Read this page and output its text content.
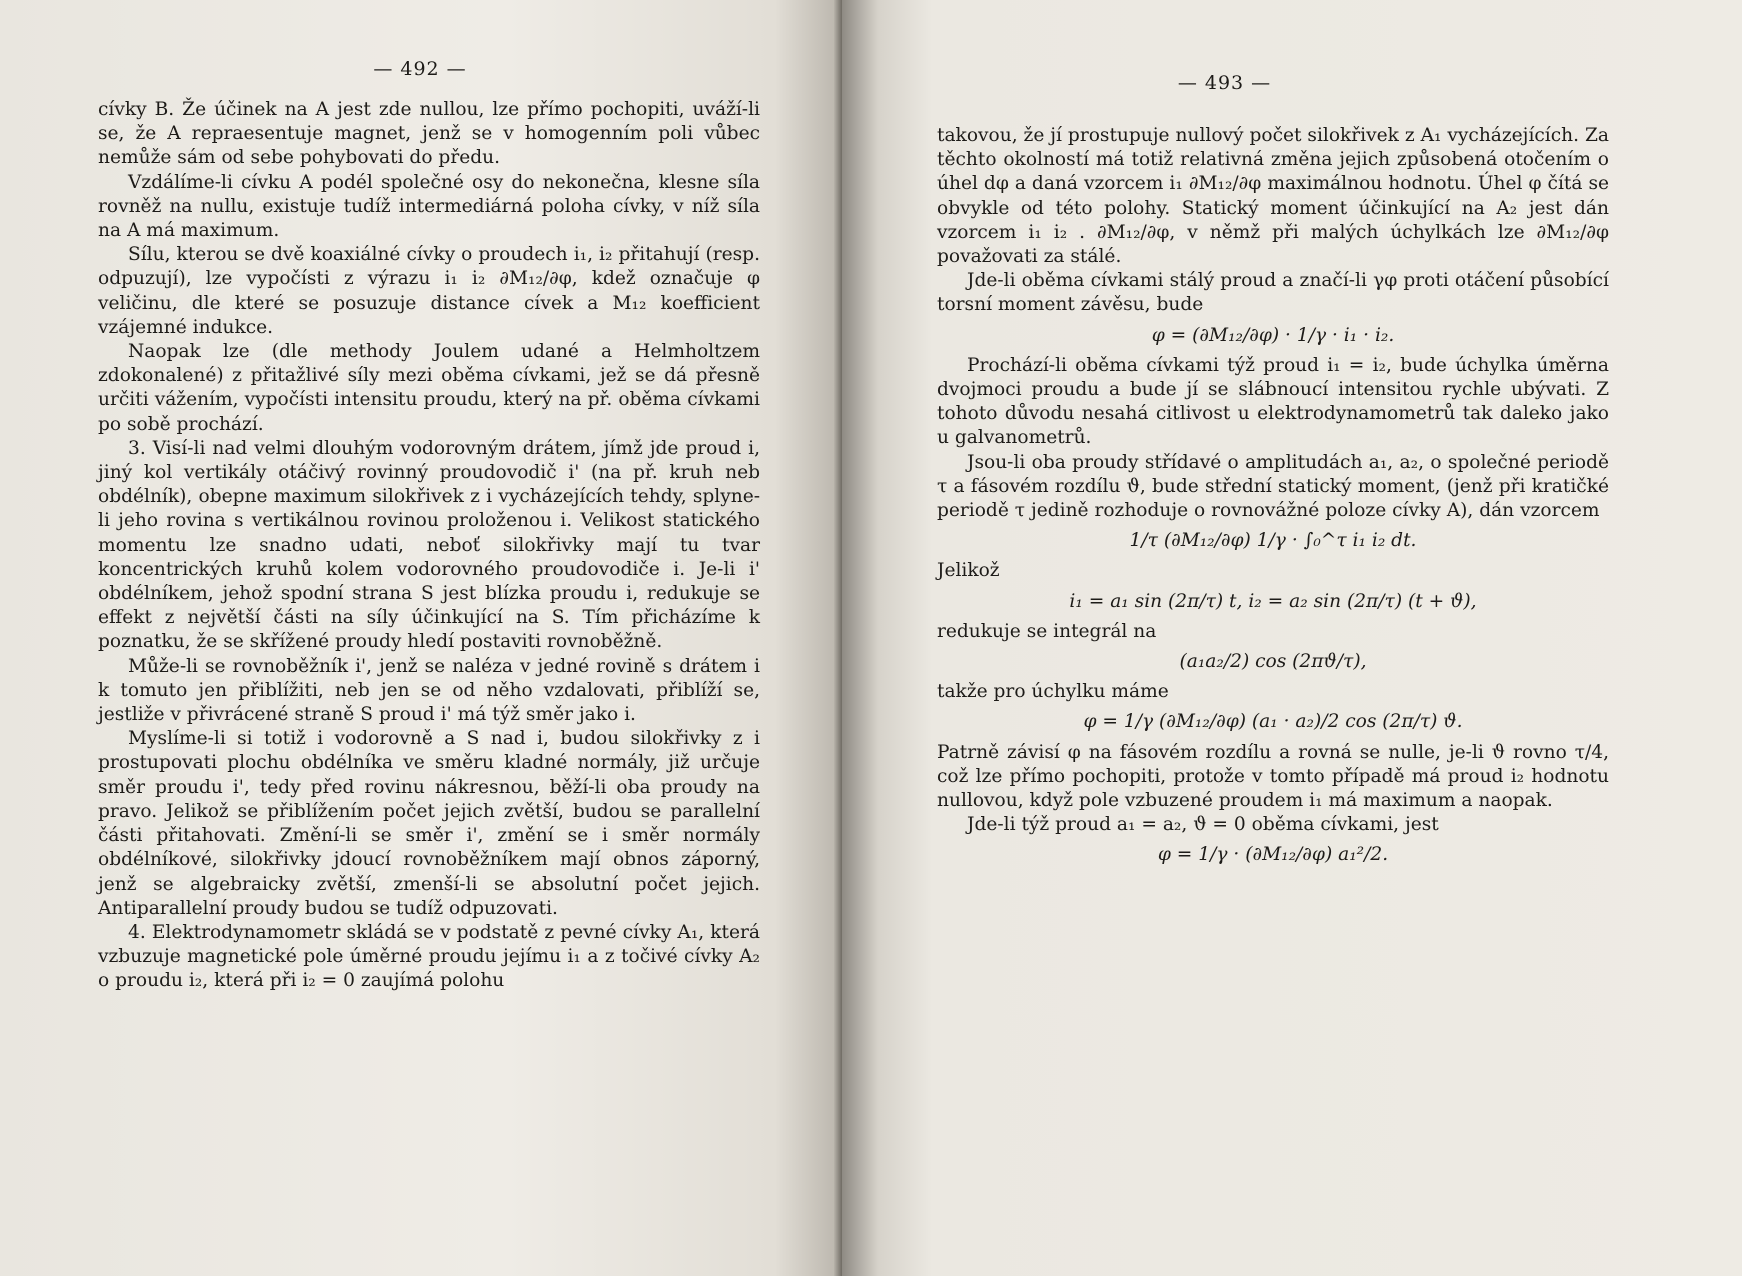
— 492 —

cívky B. Že účinek na A jest zde nullou, lze přímo pochopiti, uváží-li se, že A repraesentuje magnet, jenž se v homogenním poli vůbec nemůže sám od sebe pohybovati do předu.

Vzdálíme-li cívku A podél společné osy do nekonečna, klesne síla rovněž na nullu, existuje tudíž intermediárná poloha cívky, v níž síla na A má maximum.

Sílu, kterou se dvě koaxiálné cívky o proudech i₁, i₂ přitahují (resp. odpuzují), lze vypočísti z výrazu i₁ i₂ ∂M₁₂/∂φ, kdež označuje φ veličinu, dle které se posuzuje distance cívek a M₁₂ koefficient vzájemné indukce.

Naopak lze (dle methody Joulem udané a Helmholtzem zdokonalené) z přitažlivé síly mezi oběma cívkami, jež se dá přesně určiti vážením, vypočísti intensitu proudu, který na př. oběma cívkami po sobě prochází.

3. Visí-li nad velmi dlouhým vodorovným drátem, jímž jde proud i, jiný kol vertikály otáčivý rovinný proudovodič i' (na př. kruh neb obdélník), obepne maximum silokřivek z i vycházejících tehdy, splyne-li jeho rovina s vertikálnou rovinou proloženou i. Velikost statického momentu lze snadno udati, neboť silokřivky mají tu tvar koncentrických kruhů kolem vodorovného proudovodiče i. Je-li i' obdélníkem, jehož spodní strana S jest blízka proudu i, redukuje se effekt z největší části na síly účinkující na S. Tím přicházíme k poznatku, že se skřížené proudy hledí postaviti rovnoběžně.

Může-li se rovnoběžník i', jenž se naléza v jedné rovině s drátem i k tomuto jen přiblížiti, neb jen se od něho vzdalovati, přiblíží se, jestliže v přivrácené straně S proud i' má týž směr jako i.

Myslíme-li si totiž i vodorovně a S nad i, budou silokřivky z i prostupovati plochu obdélníka ve směru kladné normály, již určuje směr proudu i', tedy před rovinu nákresnou, běží-li oba proudy na pravo. Jelikož se přiblížením počet jejich zvětší, budou se parallelní části přitahovati. Změní-li se směr i', změní se i směr normály obdélníkové, silokřivky jdoucí rovnoběžníkem mají obnos záporný, jenž se algebraicky zvětší, zmenší-li se absolutní počet jejich. Antiparallelní proudy budou se tudíž odpuzovati.

4. Elektrodynamometr skládá se v podstatě z pevné cívky A₁, která vzbuzuje magnetické pole úměrné proudu jejímu i₁ a z točivé cívky A₂ o proudu i₂, která při i₂ = 0 zaujímá polohu

— 493 —

takovou, že jí prostupuje nullový počet silokřivek z A₁ vycházejících. Za těchto okolností má totiž relativná změna jejich způsobená otočením o úhel dφ a daná vzorcem i₁ ∂M₁₂/∂φ maximálnou hodnotu. Úhel φ čítá se obvykle od této polohy. Statický moment účinkující na A₂ jest dán vzorcem i₁ i₂ . ∂M₁₂/∂φ, v němž při malých úchylkách lze ∂M₁₂/∂φ považovati za stálé.

Jde-li oběma cívkami stálý proud a značí-li γφ proti otáčení působící torsní moment závěsu, bude

φ = (∂M₁₂/∂φ) · 1/γ · i₁ · i₂.

Prochází-li oběma cívkami týž proud i₁ = i₂, bude úchylka úměrna dvojmoci proudu a bude jí se slábnoucí intensitou rychle ubývati. Z tohoto důvodu nesahá citlivost u elektrodynamometrů tak daleko jako u galvanometrů.

Jsou-li oba proudy střídavé o amplitudách a₁, a₂, o společné periodě τ a fásovém rozdílu ϑ, bude střední statický moment, (jenž při kratičké periodě τ jedině rozhoduje o rovnovážné poloze cívky A), dán vzorcem

1/τ (∂M₁₂/∂φ) 1/γ · ∫₀^τ i₁ i₂ dt.

Jelikož

i₁ = a₁ sin (2π/τ) t, i₂ = a₂ sin (2π/τ) (t + ϑ),

redukuje se integrál na

(a₁a₂/2) cos (2πϑ/τ),

takže pro úchylku máme

φ = 1/γ (∂M₁₂/∂φ) (a₁ · a₂)/2 cos (2π/τ) ϑ.

Patrně závisí φ na fásovém rozdílu a rovná se nulle, je-li ϑ rovno τ/4, což lze přímo pochopiti, protože v tomto případě má proud i₂ hodnotu nullovou, když pole vzbuzené proudem i₁ má maximum a naopak.

Jde-li týž proud a₁ = a₂, ϑ = 0 oběma cívkami, jest

φ = 1/γ · (∂M₁₂/∂φ) a₁²/2.
